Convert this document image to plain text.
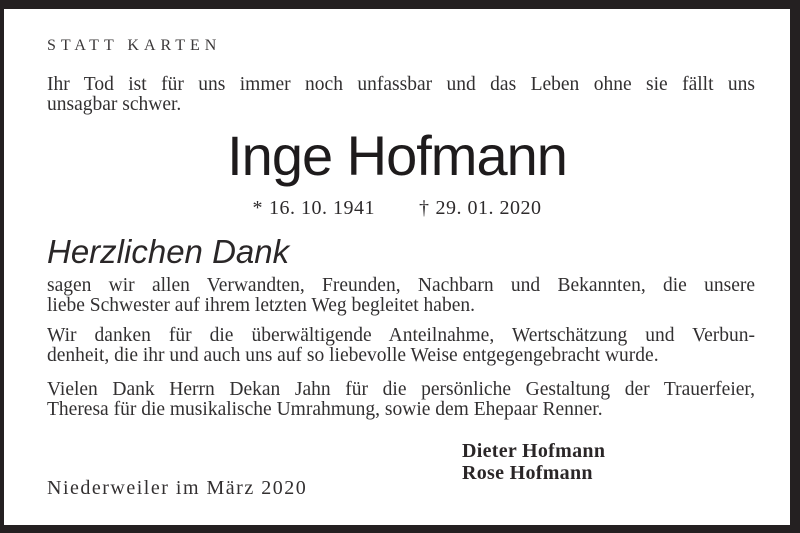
STATT KARTEN
Ihr Tod ist für uns immer noch unfassbar und das Leben ohne sie fällt uns
unsagbar schwer.
Inge Hofmann
* 16. 10. 1941 † 29. 01. 2020
Herzlichen Dank
sagen wir allen Verwandten, Freunden, Nachbarn und Bekannten, die unsere
liebe Schwester auf ihrem letzten Weg begleitet haben.
Wir danken für die überwältigende Anteilnahme, Wertschätzung und Verbun-
denheit, die ihr und auch uns auf so liebevolle Weise entgegengebracht wurde.
Vielen Dank Herrn Dekan Jahn für die persönliche Gestaltung der Trauerfeier,
Theresa für die musikalische Umrahmung, sowie dem Ehepaar Renner.
Dieter Hofmann
Rose Hofmann
Niederweiler im März 2020
